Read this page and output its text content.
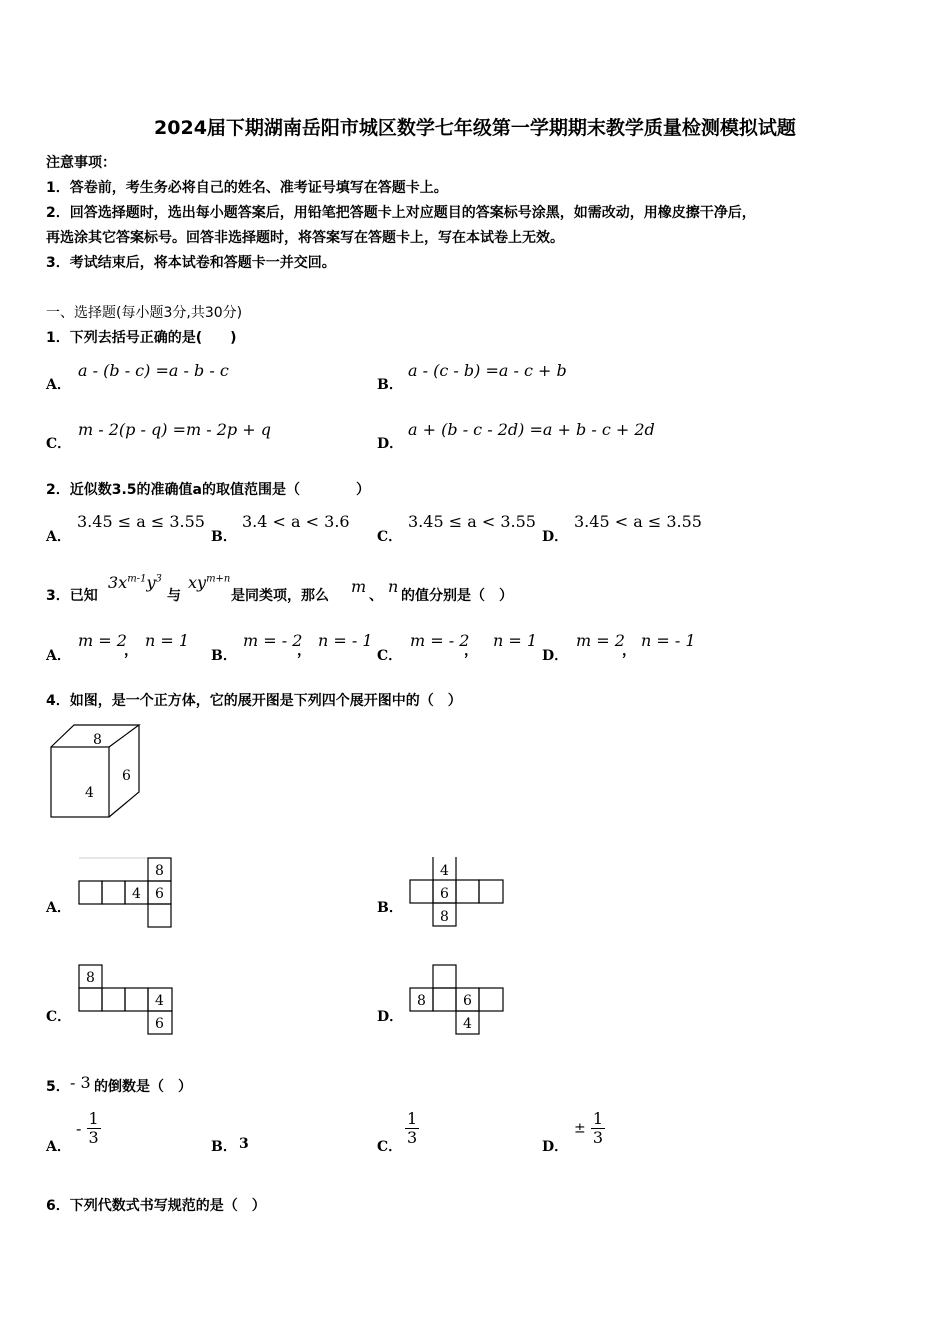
2024届下期湖南岳阳市城区数学七年级第一学期期末教学质量检测模拟试题
注意事项：
1．答卷前，考生务必将自己的姓名、准考证号填写在答题卡上。
2．回答选择题时，选出每小题答案后，用铅笔把答题卡上对应题目的答案标号涂黑，如需改动，用橡皮擦干净后，
再选涂其它答案标号。回答非选择题时，将答案写在答题卡上，写在本试卷上无效。
3．考试结束后，将本试卷和答题卡一并交回。
一、选择题(每小题3分,共30分)
1．下列去括号正确的是(　　)
A．
a - (b - c) =a - b - c
B．
a - (c - b) =a - c + b
C．
m - 2(p - q) =m - 2p + q
D．
a + (b - c - 2d) =a + b - c + 2d
2．近似数3.5的准确值a的取值范围是（　　　　）
A．
3.45 ≤ a ≤ 3.55
B．
3.4 < a < 3.6
C．
3.45 ≤ a < 3.55
D．
3.45 < a ≤ 3.55
3．已知
$3x^{m-1}y^3$
与
$xy^{m+n}$
是同类项，那么 m 、 n 的值分别是（　）
A．
m = 2
，
n = 1
B．
m = - 2
，
n = - 1
C．
m = - 2
，
n = 1
D．
m = 2
，
n = - 1
4．如图，是一个正方体，它的展开图是下列四个展开图中的（　）
8
4
6
A．
8
4 6
B．
4
6
8
C．
8
4
6	D．
8	6
4
5． - 3 的倒数是（　）
A．
- $\frac{1}{3}$	B． 3	C． $\frac{1}{3}$	D．
± $\frac{1}{3}$
6．下列代数式书写规范的是（　）
